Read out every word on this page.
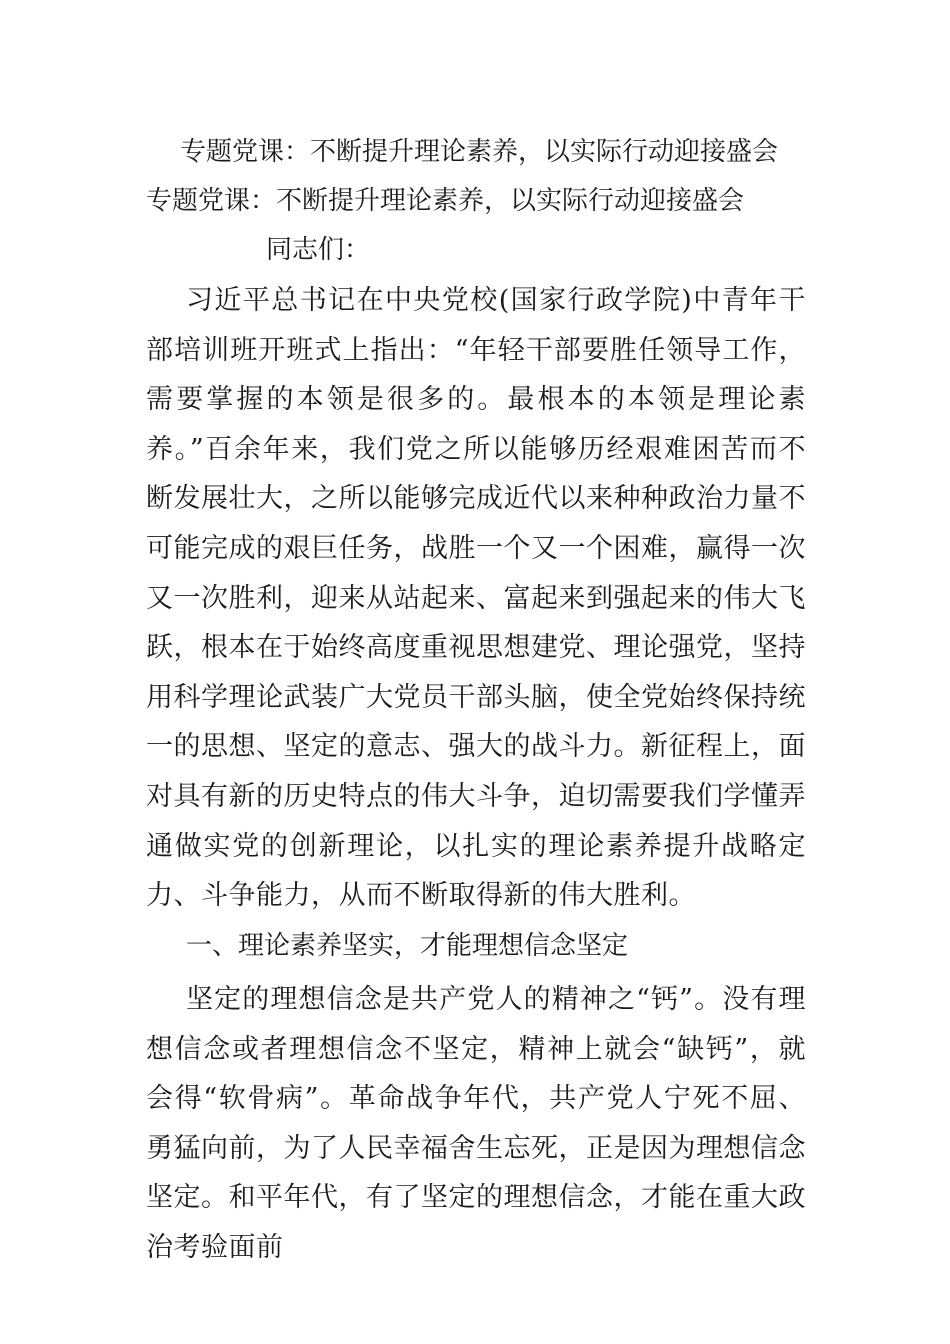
专题党课：不断提升理论素养，以实际行动迎接盛会

专题党课：不断提升理论素养，以实际行动迎接盛会

同志们：

习近平总书记在中央党校(国家行政学院)中青年干部培训班开班式上指出：“年轻干部要胜任领导工作，需要掌握的本领是很多的。最根本的本领是理论素养。”百余年来，我们党之所以能够历经艰难困苦而不断发展壮大，之所以能够完成近代以来种种政治力量不可能完成的艰巨任务，战胜一个又一个困难，赢得一次又一次胜利，迎来从站起来、富起来到强起来的伟大飞跃，根本在于始终高度重视思想建党、理论强党，坚持用科学理论武装广大党员干部头脑，使全党始终保持统一的思想、坚定的意志、强大的战斗力。新征程上，面对具有新的历史特点的伟大斗争，迫切需要我们学懂弄通做实党的创新理论，以扎实的理论素养提升战略定力、斗争能力，从而不断取得新的伟大胜利。

一、理论素养坚实，才能理想信念坚定

坚定的理想信念是共产党人的精神之“钙”。没有理想信念或者理想信念不坚定，精神上就会“缺钙”，就会得“软骨病”。革命战争年代，共产党人宁死不屈、勇猛向前，为了人民幸福舍生忘死，正是因为理想信念坚定。和平年代，有了坚定的理想信念，才能在重大政治考验面前
